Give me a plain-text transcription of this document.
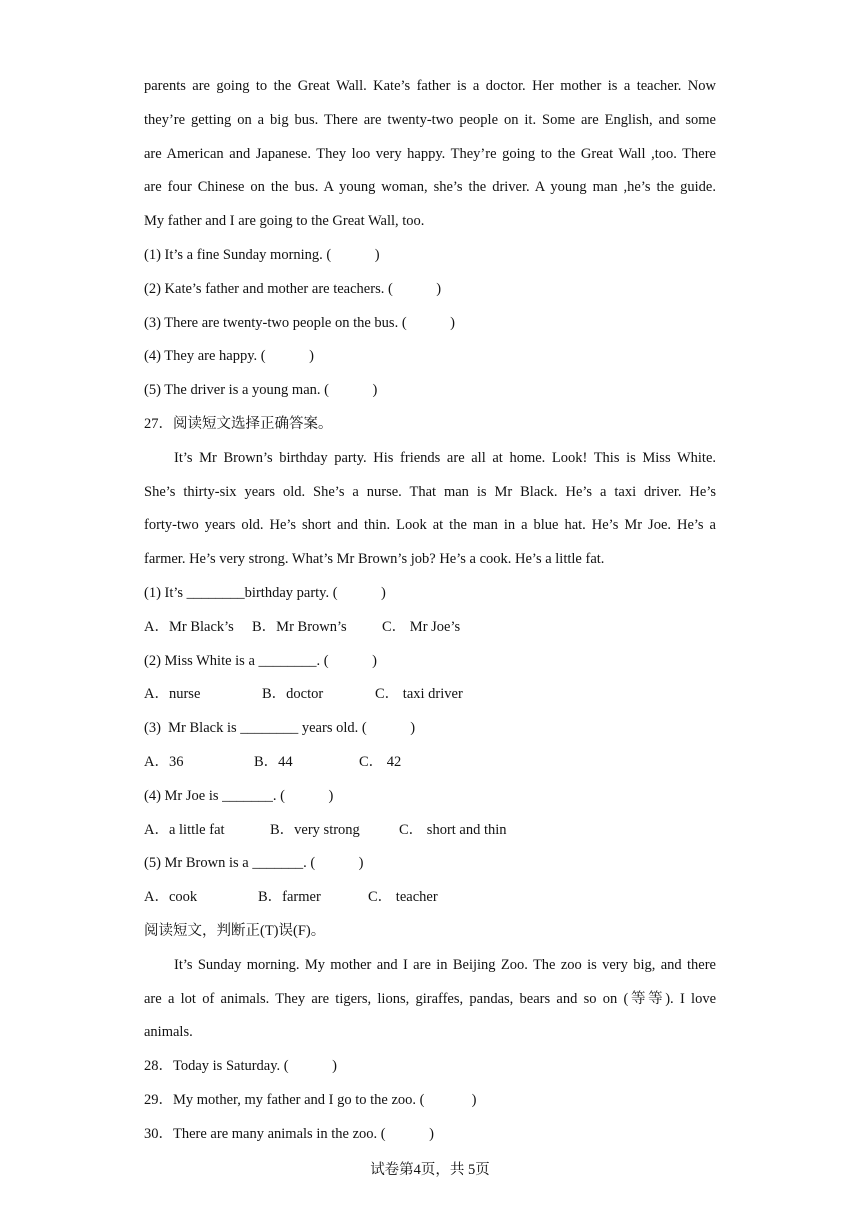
parents are going to the Great Wall. Kate’s father is a doctor. Her mother is a teacher. Now
they’re getting on a big bus. There are twenty-two people on it. Some are English, and some
are American and Japanese. They loo very happy. They’re going to the Great Wall ,too. There
are four Chinese on the bus. A young woman, she’s the driver. A young man ,he’s the guide.
My father and I are going to the Great Wall, too.
(1) It’s a fine Sunday morning. (　　　)
(2) Kate’s father and mother are teachers. (　　　)
(3) There are twenty-two people on the bus. (　　　)
(4) They are happy. (　　　)
(5) The driver is a young man. (　　　)
27．阅读短文选择正确答案。
It’s Mr Brown’s birthday party. His friends are all at home. Look! This is Miss White.
She’s thirty-six years old. She’s a nurse. That man is Mr Black. He’s a taxi driver. He’s
forty-two years old. He’s short and thin. Look at the man in a blue hat. He’s Mr Joe. He’s a
farmer. He’s very strong. What’s Mr Brown’s job? He’s a cook. He’s a little fat.
(1) It’s ________birthday party. (　　　)
A．Mr Black’s	B．Mr Brown’s	C． Mr Joe’s
(2) Miss White is a ________. (　　　)
A．nurse	B．doctor	C． taxi driver
(3)  Mr Black is ________ years old. (　　　)
A．36	B．44	C． 42
(4) Mr Joe is _______. (　　　)
A．a little fat	B．very strong	C． short and thin
(5) Mr Brown is a _______. (　　　)
A．cook	B．farmer	C． teacher
阅读短文，判断正(T)误(F)。
It’s Sunday morning. My mother and I are in Beijing Zoo. The zoo is very big, and there
are a lot of animals. They are tigers, lions, giraffes, pandas, bears and so on (等等). I love
animals.
28．Today is Saturday. (　　　)
29．My mother, my father and I go to the zoo. (　　　 )
30．There are many animals in the zoo. (　　　)
试卷第4页，共 5页
